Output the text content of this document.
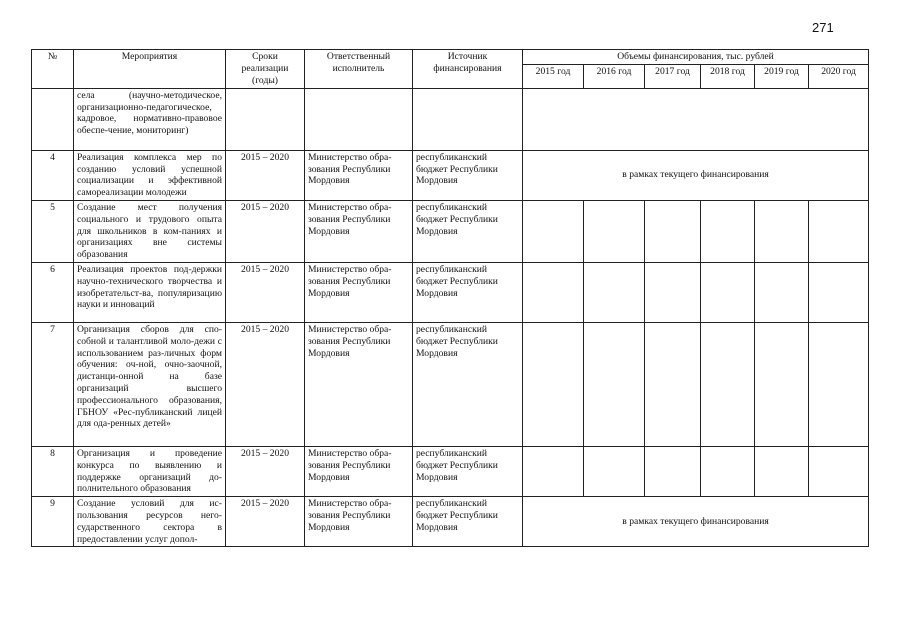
271
№	Мероприятия	Сроки реализации (годы)	Ответственный исполнитель	Источник финансирования	Объемы финансирования, тыс. рублей					
					2015 год	2016 год	2017 год	2018 год	2019 год	2020 год
	села (научно-методическое, организационно-педагогическое, кадровое, нормативно-правовое обеспе-чение, мониторинг)									
4	Реализация комплекса мер по созданию условий успешной социализации и эффективной самореализации молодежи	2015 – 2020	Министерство обра-зования Республики Мордовия	республиканский бюджет Республики Мордовия	в рамках текущего финансирования					
5	Создание мест получения социального и трудового опыта для школьников в ком-паниях и организациях вне системы образования	2015 – 2020	Министерство обра-зования Республики Мордовия	республиканский бюджет Республики Мордовия						
6	Реализация проектов под-держки научно-технического творчества и изобретательст-ва, популяризацию науки и инноваций	2015 – 2020	Министерство обра-зования Республики Мордовия	республиканский бюджет Республики Мордовия						
7	Организация сборов для спо-собной и талантливой моло-дежи с использованием раз-личных форм обучения: оч-ной, очно-заочной, дистанци-онной на базе организаций высшего профессионального образования, ГБНОУ «Рес-публиканский лицей для ода-ренных детей»	2015 – 2020	Министерство обра-зования Республики Мордовия	республиканский бюджет Республики Мордовия						
8	Организация и проведение конкурса по выявлению и поддержке организаций до-полнительного образования	2015 – 2020	Министерство обра-зования Республики Мордовия	республиканский бюджет Республики Мордовия						
9	Создание условий для ис-пользования ресурсов него-сударственного сектора в предоставлении услуг допол-	2015 – 2020	Министерство обра-зования Республики Мордовия	республиканский бюджет Республики Мордовия	в рамках текущего финансирования					
